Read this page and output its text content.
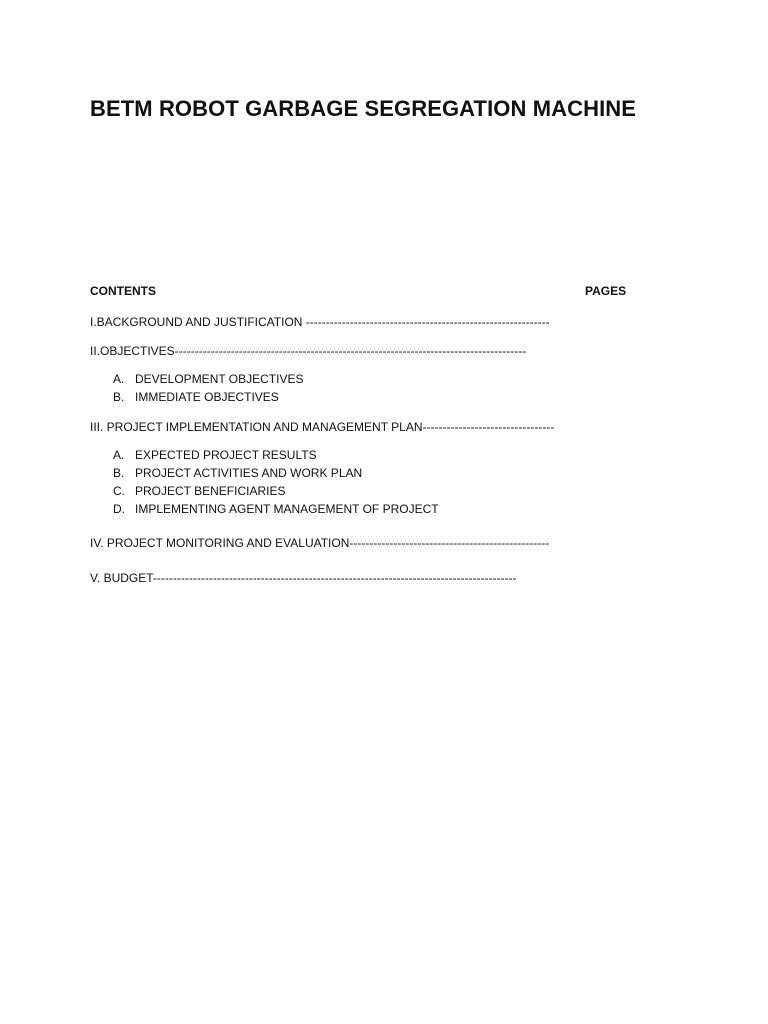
BETM ROBOT GARBAGE SEGREGATION MACHINE
CONTENTS	PAGES
I.BACKGROUND AND JUSTIFICATION -------------------------------------------------------------
II.OBJECTIVES----------------------------------------------------------------------------------------
A. DEVELOPMENT OBJECTIVES
B. IMMEDIATE OBJECTIVES
III. PROJECT IMPLEMENTATION AND MANAGEMENT PLAN---------------------------------
A. EXPECTED PROJECT RESULTS
B. PROJECT ACTIVITIES AND WORK PLAN
C. PROJECT BENEFICIARIES
D. IMPLEMENTING AGENT MANAGEMENT OF PROJECT
IV. PROJECT MONITORING AND EVALUATION--------------------------------------------------
V. BUDGET-------------------------------------------------------------------------------------------
